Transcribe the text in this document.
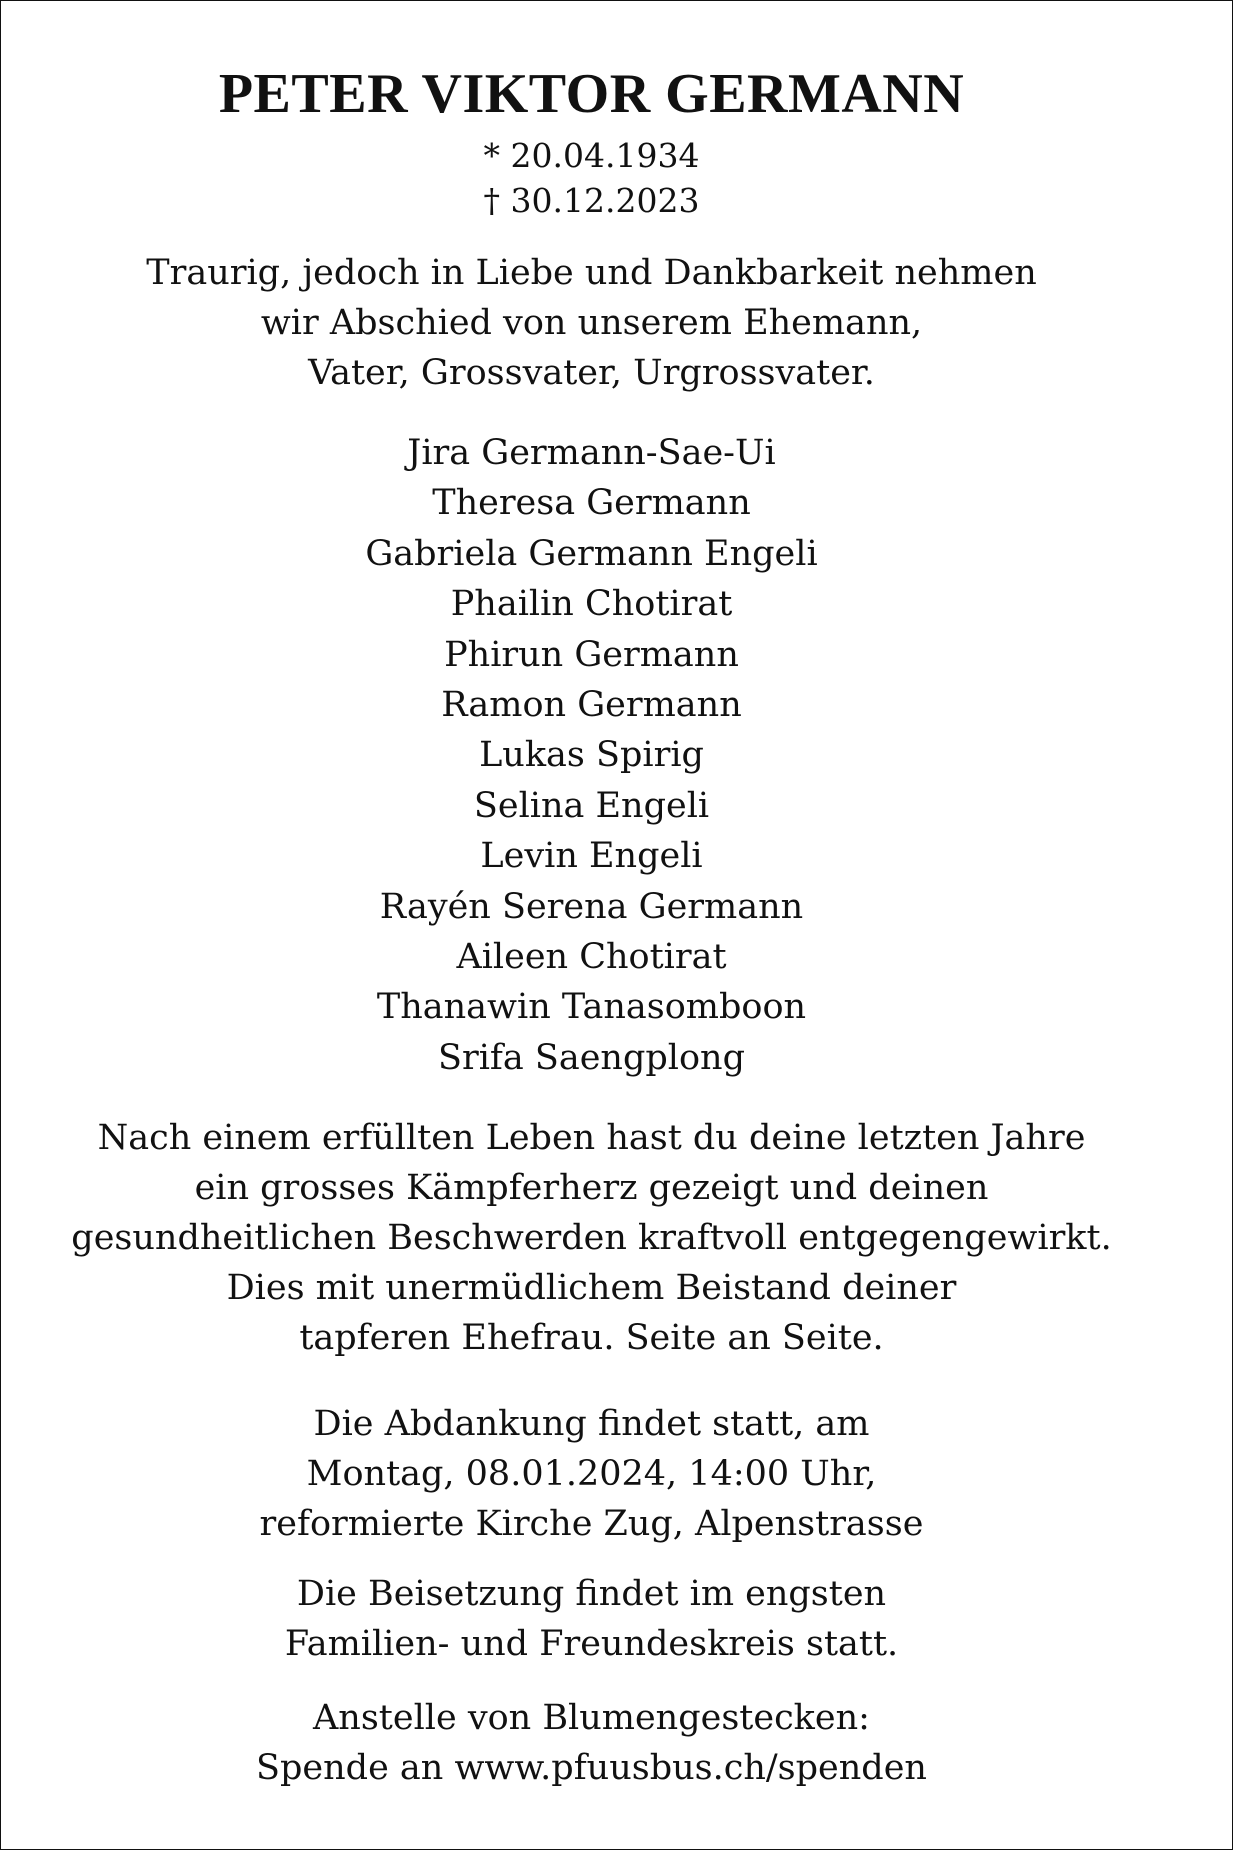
PETER VIKTOR GERMANN
* 20.04.1934
† 30.12.2023
Traurig, jedoch in Liebe und Dankbarkeit nehmen
wir Abschied von unserem Ehemann,
Vater, Grossvater, Urgrossvater.
Jira Germann-Sae-Ui
Theresa Germann
Gabriela Germann Engeli
Phailin Chotirat
Phirun Germann
Ramon Germann
Lukas Spirig
Selina Engeli
Levin Engeli
Rayén Serena Germann
Aileen Chotirat
Thanawin Tanasomboon
Srifa Saengplong
Nach einem erfüllten Leben hast du deine letzten Jahre
ein grosses Kämpferherz gezeigt und deinen
gesundheitlichen Beschwerden kraftvoll entgegengewirkt.
Dies mit unermüdlichem Beistand deiner
tapferen Ehefrau. Seite an Seite.
Die Abdankung findet statt, am
Montag, 08.01.2024, 14:00 Uhr,
reformierte Kirche Zug, Alpenstrasse
Die Beisetzung findet im engsten
Familien- und Freundeskreis statt.
Anstelle von Blumengestecken:
Spende an www.pfuusbus.ch/spenden
